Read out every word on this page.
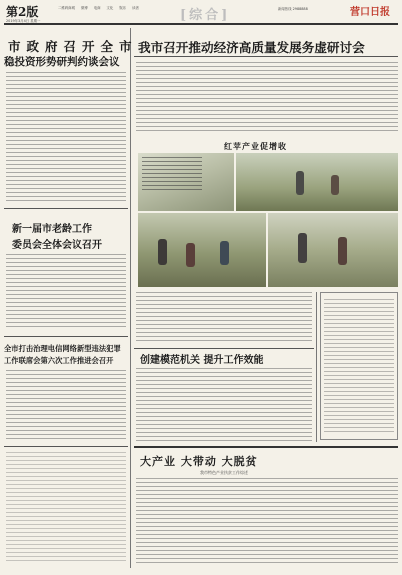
第2版
2019年3月4日 星期一
二维码商城 微博 电商 文化 娱乐 读者	[综合]	新闻热线 2988888	营口日报
市政府召开全市
稳投资形势研判约谈会议
新一届市老龄工作
委员会全体会议召开
全市打击治理电信网络新型违法犯罪
工作联席会第六次工作推进会召开
我市召开推动经济高质量发展务虚研讨会
红苹产业促增收
创建模范机关 提升工作效能
大产业 大带动 大脱贫
我市特色产业扶贫工作综述
